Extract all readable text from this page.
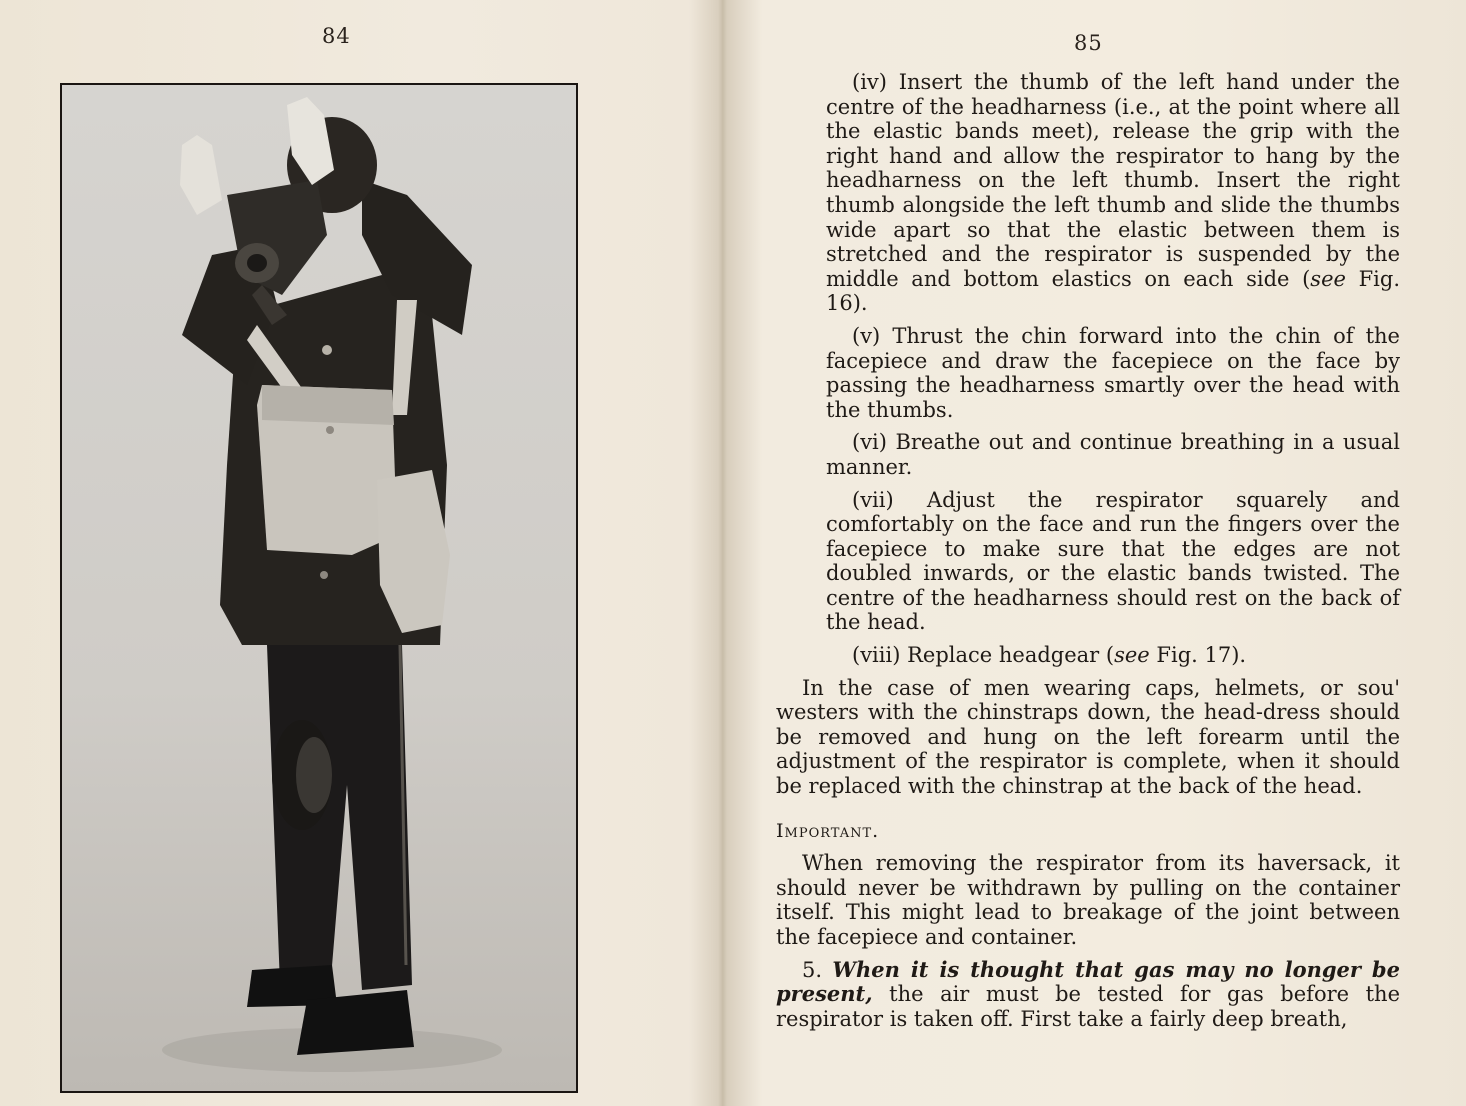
84	85

(iv) Insert the thumb of the left hand under the centre of the headharness (i.e., at the point where all the elastic bands meet), release the grip with the right hand and allow the respirator to hang by the headharness on the left thumb. Insert the right thumb alongside the left thumb and slide the thumbs wide apart so that the elastic between them is stretched and the respirator is suspended by the middle and bottom elastics on each side (see Fig. 16).

(v) Thrust the chin forward into the chin of the facepiece and draw the facepiece on the face by passing the headharness smartly over the head with the thumbs.

(vi) Breathe out and continue breathing in a usual manner.

(vii) Adjust the respirator squarely and comfortably on the face and run the fingers over the facepiece to make sure that the edges are not doubled inwards, or the elastic bands twisted. The centre of the headharness should rest on the back of the head.

(viii) Replace headgear (see Fig. 17).

In the case of men wearing caps, helmets, or sou' westers with the chinstraps down, the head-dress should be removed and hung on the left forearm until the adjustment of the respirator is complete, when it should be replaced with the chinstrap at the back of the head.

Important.

When removing the respirator from its haversack, it should never be withdrawn by pulling on the container itself. This might lead to breakage of the joint between the facepiece and container.

5. When it is thought that gas may no longer be present, the air must be tested for gas before the respirator is taken off. First take a fairly deep breath,
